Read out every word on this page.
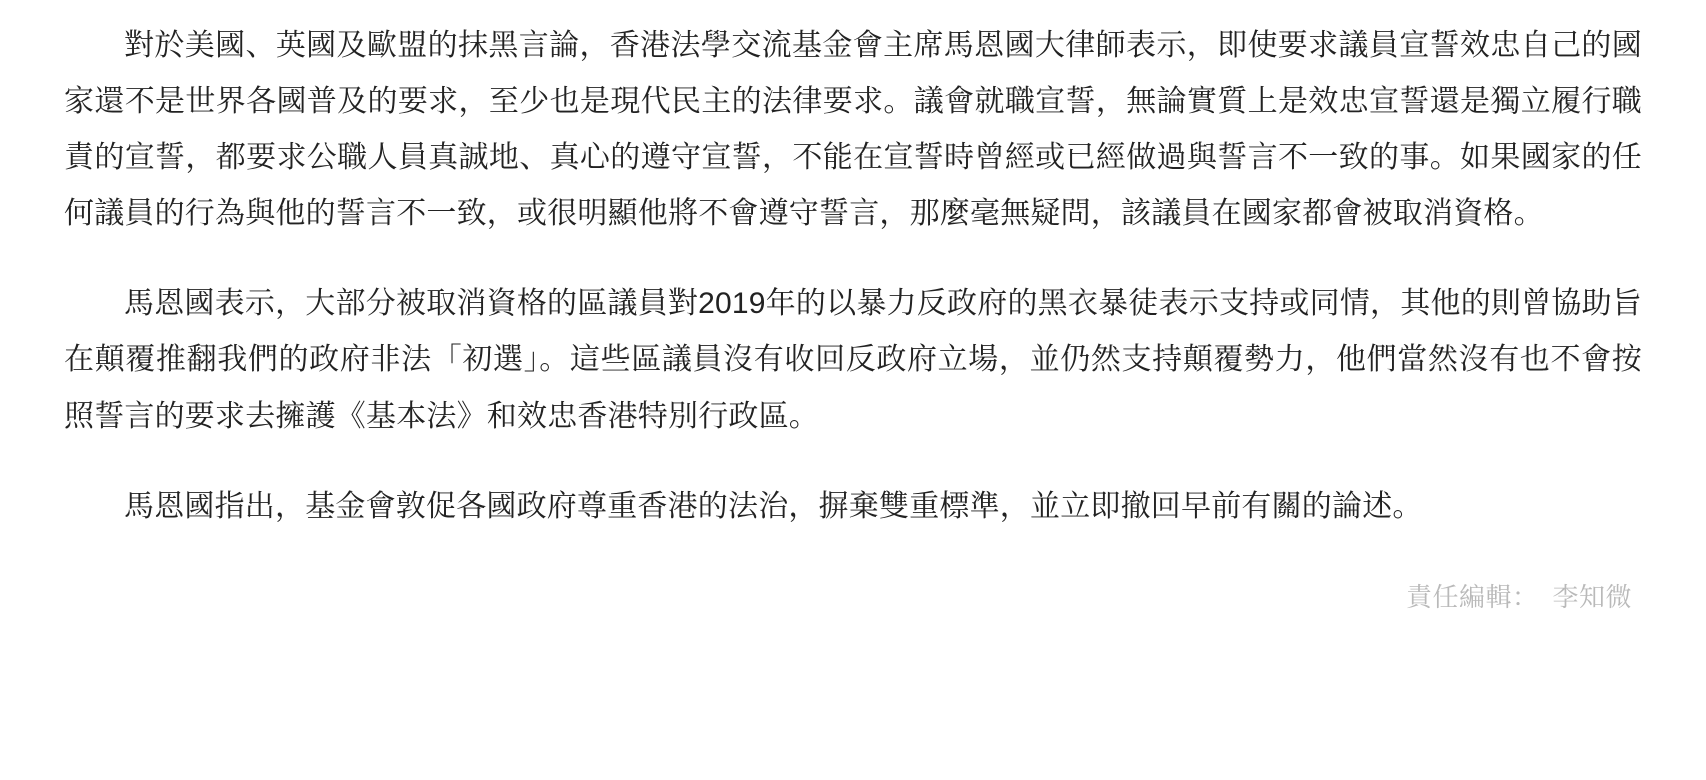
對於美國、英國及歐盟的抹黑言論，香港法學交流基金會主席馬恩國大律師表示，即使要求議員宣誓效忠自己的國家還不是世界各國普及的要求，至少也是現代民主的法律要求。議會就職宣誓，無論實質上是效忠宣誓還是獨立履行職責的宣誓，都要求公職人員真誠地、真心的遵守宣誓，不能在宣誓時曾經或已經做過與誓言不一致的事。如果國家的任何議員的行為與他的誓言不一致，或很明顯他將不會遵守誓言，那麼毫無疑問，該議員在國家都會被取消資格。

馬恩國表示，大部分被取消資格的區議員對2019年的以暴力反政府的黑衣暴徒表示支持或同情，其他的則曾協助旨在顛覆推翻我們的政府非法「初選」。這些區議員沒有收回反政府立場，並仍然支持顛覆勢力，他們當然沒有也不會按照誓言的要求去擁護《基本法》和效忠香港特別行政區。

馬恩國指出，基金會敦促各國政府尊重香港的法治，摒棄雙重標準，並立即撤回早前有關的論述。

責任編輯： 李知微
